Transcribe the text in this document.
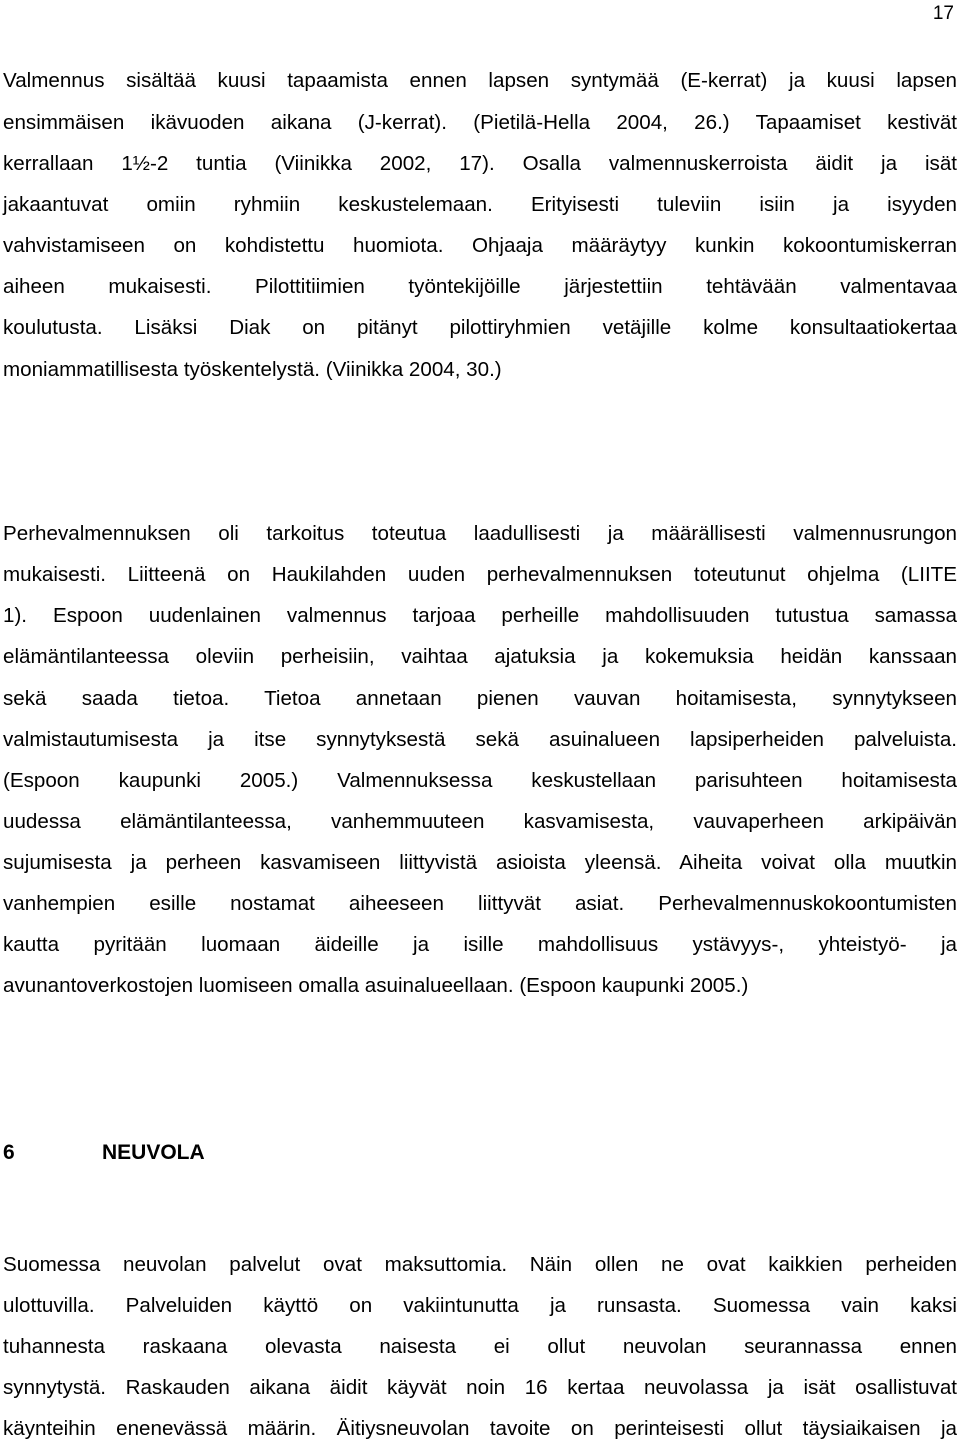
17
Valmennus sisältää kuusi tapaamista ennen lapsen syntymää (E-kerrat) ja kuusi lapsen
ensimmäisen ikävuoden aikana (J-kerrat). (Pietilä-Hella 2004, 26.) Tapaamiset kestivät
kerrallaan 1½-2 tuntia (Viinikka 2002, 17). Osalla valmennuskerroista äidit ja isät
jakaantuvat omiin ryhmiin keskustelemaan. Erityisesti tuleviin isiin ja isyyden
vahvistamiseen on kohdistettu huomiota. Ohjaaja määräytyy kunkin kokoontumiskerran
aiheen mukaisesti. Pilottitiimien työntekijöille järjestettiin tehtävään valmentavaa
koulutusta. Lisäksi Diak on pitänyt pilottiryhmien vetäjille kolme konsultaatiokertaa
moniammatillisesta työskentelystä. (Viinikka 2004, 30.)
Perhevalmennuksen oli tarkoitus toteutua laadullisesti ja määrällisesti valmennusrungon
mukaisesti. Liitteenä on Haukilahden uuden perhevalmennuksen toteutunut ohjelma (LIITE
1). Espoon uudenlainen valmennus tarjoaa perheille mahdollisuuden tutustua samassa
elämäntilanteessa oleviin perheisiin, vaihtaa ajatuksia ja kokemuksia heidän kanssaan
sekä saada tietoa. Tietoa annetaan pienen vauvan hoitamisesta, synnytykseen
valmistautumisesta ja itse synnytyksestä sekä asuinalueen lapsiperheiden palveluista.
(Espoon kaupunki 2005.) Valmennuksessa keskustellaan parisuhteen hoitamisesta
uudessa elämäntilanteessa, vanhemmuuteen kasvamisesta, vauvaperheen arkipäivän
sujumisesta ja perheen kasvamiseen liittyvistä asioista yleensä. Aiheita voivat olla muutkin
vanhempien esille nostamat aiheeseen liittyvät asiat. Perhevalmennuskokoontumisten
kautta pyritään luomaan äideille ja isille mahdollisuus ystävyys-, yhteistyö- ja
avunantoverkostojen luomiseen omalla asuinalueellaan. (Espoon kaupunki 2005.)
6	NEUVOLA
Suomessa neuvolan palvelut ovat maksuttomia. Näin ollen ne ovat kaikkien perheiden
ulottuvilla. Palveluiden käyttö on vakiintunutta ja runsasta. Suomessa vain kaksi
tuhannesta raskaana olevasta naisesta ei ollut neuvolan seurannassa ennen
synnytystä. Raskauden aikana äidit käyvät noin 16 kertaa neuvolassa ja isät osallistuvat
käynteihin enenevässä määrin. Äitiysneuvolan tavoite on perinteisesti ollut täysiaikaisen ja
